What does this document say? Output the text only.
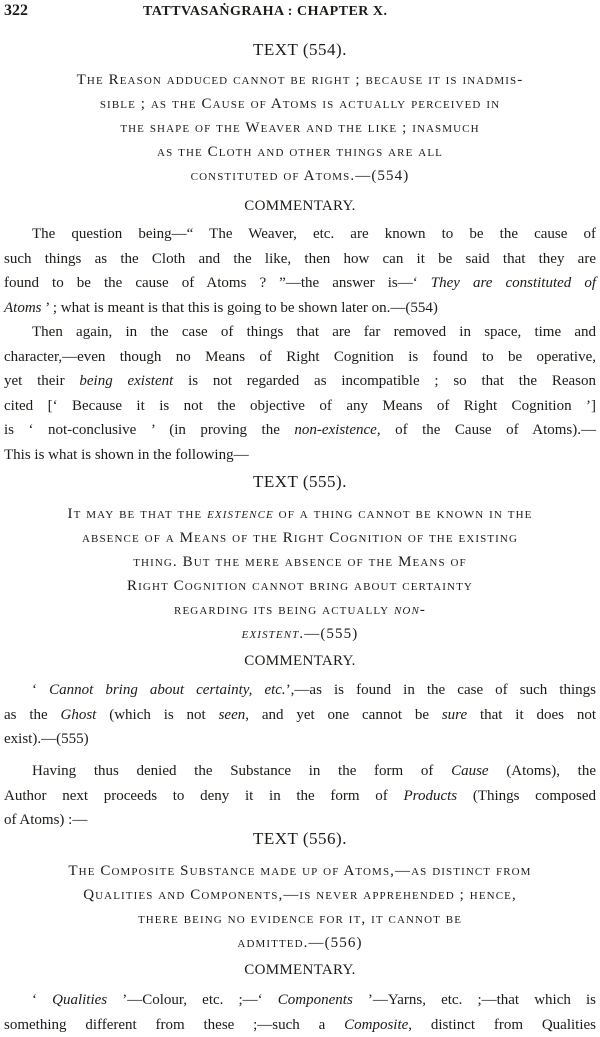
322	TATTVASAṄGRAHA : CHAPTER X.
TEXT (554).
The Reason adduced cannot be right ; because it is inadmis-
sible ; as the Cause of Atoms is actually perceived in
the shape of the Weaver and the like ; inasmuch
as the Cloth and other things are all
constituted of Atoms.—(554)
COMMENTARY.
The question being—“ The Weaver, etc. are known to be the cause of
such things as the Cloth and the like, then how can it be said that they are
found to be the cause of Atoms ? ”—the answer is—‘ They are constituted of
Atoms ’ ; what is meant is that this is going to be shown later on.—(554)
Then again, in the case of things that are far removed in space, time and
character,—even though no Means of Right Cognition is found to be operative,
yet their being existent is not regarded as incompatible ; so that the Reason
cited [‘ Because it is not the objective of any Means of Right Cognition ’]
is ‘ not-conclusive ’ (in proving the non-existence, of the Cause of Atoms).—
This is what is shown in the following—
TEXT (555).
It may be that the existence of a thing cannot be known in the
absence of a Means of the Right Cognition of the existing
thing. But the mere absence of the Means of
Right Cognition cannot bring about certainty
regarding its being actually non-
existent.—(555)
COMMENTARY.
‘ Cannot bring about certainty, etc.’,—as is found in the case of such things
as the Ghost (which is not seen, and yet one cannot be sure that it does not
exist).—(555)
Having thus denied the Substance in the form of Cause (Atoms), the
Author next proceeds to deny it in the form of Products (Things composed
of Atoms) :—
TEXT (556).
The Composite Substance made up of Atoms,—as distinct from
Qualities and Components,—is never apprehended ; hence,
there being no evidence for it, it cannot be
admitted.—(556)
COMMENTARY.
‘ Qualities ’—Colour, etc. ;—‘ Components ’—Yarns, etc. ;—that which is
something different from these ;—such a Composite, distinct from Qualities
